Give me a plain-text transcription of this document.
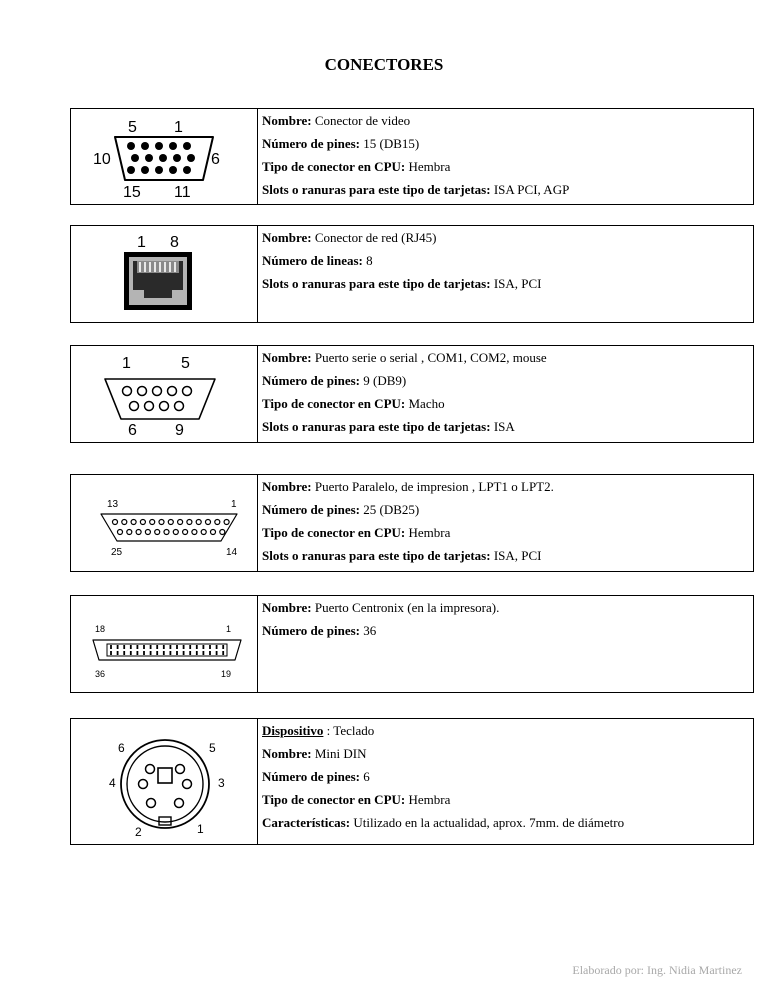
CONECTORES
5 1
10	6
15 11
Nombre: Conector de video
Número de pines: 15 (DB15)
Tipo de conector en CPU: Hembra
Slots o ranuras para este tipo de tarjetas: ISA PCI, AGP
1 8	Nombre: Conector de red (RJ45)
Número de lineas: 8
Slots o ranuras para este tipo de tarjetas: ISA, PCI
1	5
6 9
Nombre: Puerto serie o serial , COM1, COM2, mouse
Número de pines: 9 (DB9)
Tipo de conector en CPU: Macho
Slots o ranuras para este tipo de tarjetas: ISA
13	1
25	14
Nombre: Puerto Paralelo, de impresion , LPT1 o LPT2.
Número de pines: 25 (DB25)
Tipo de conector en CPU: Hembra
Slots o ranuras para este tipo de tarjetas: ISA, PCI
18	1
36	19
Nombre: Puerto Centronix (en la impresora).
Número de pines: 36
6	5
4	3
2	1
Dispositivo : Teclado
Nombre: Mini DIN
Número de pines: 6
Tipo de conector en CPU: Hembra
Características: Utilizado en la actualidad, aprox. 7mm. de diámetro
Elaborado por: Ing. Nidia Martinez
